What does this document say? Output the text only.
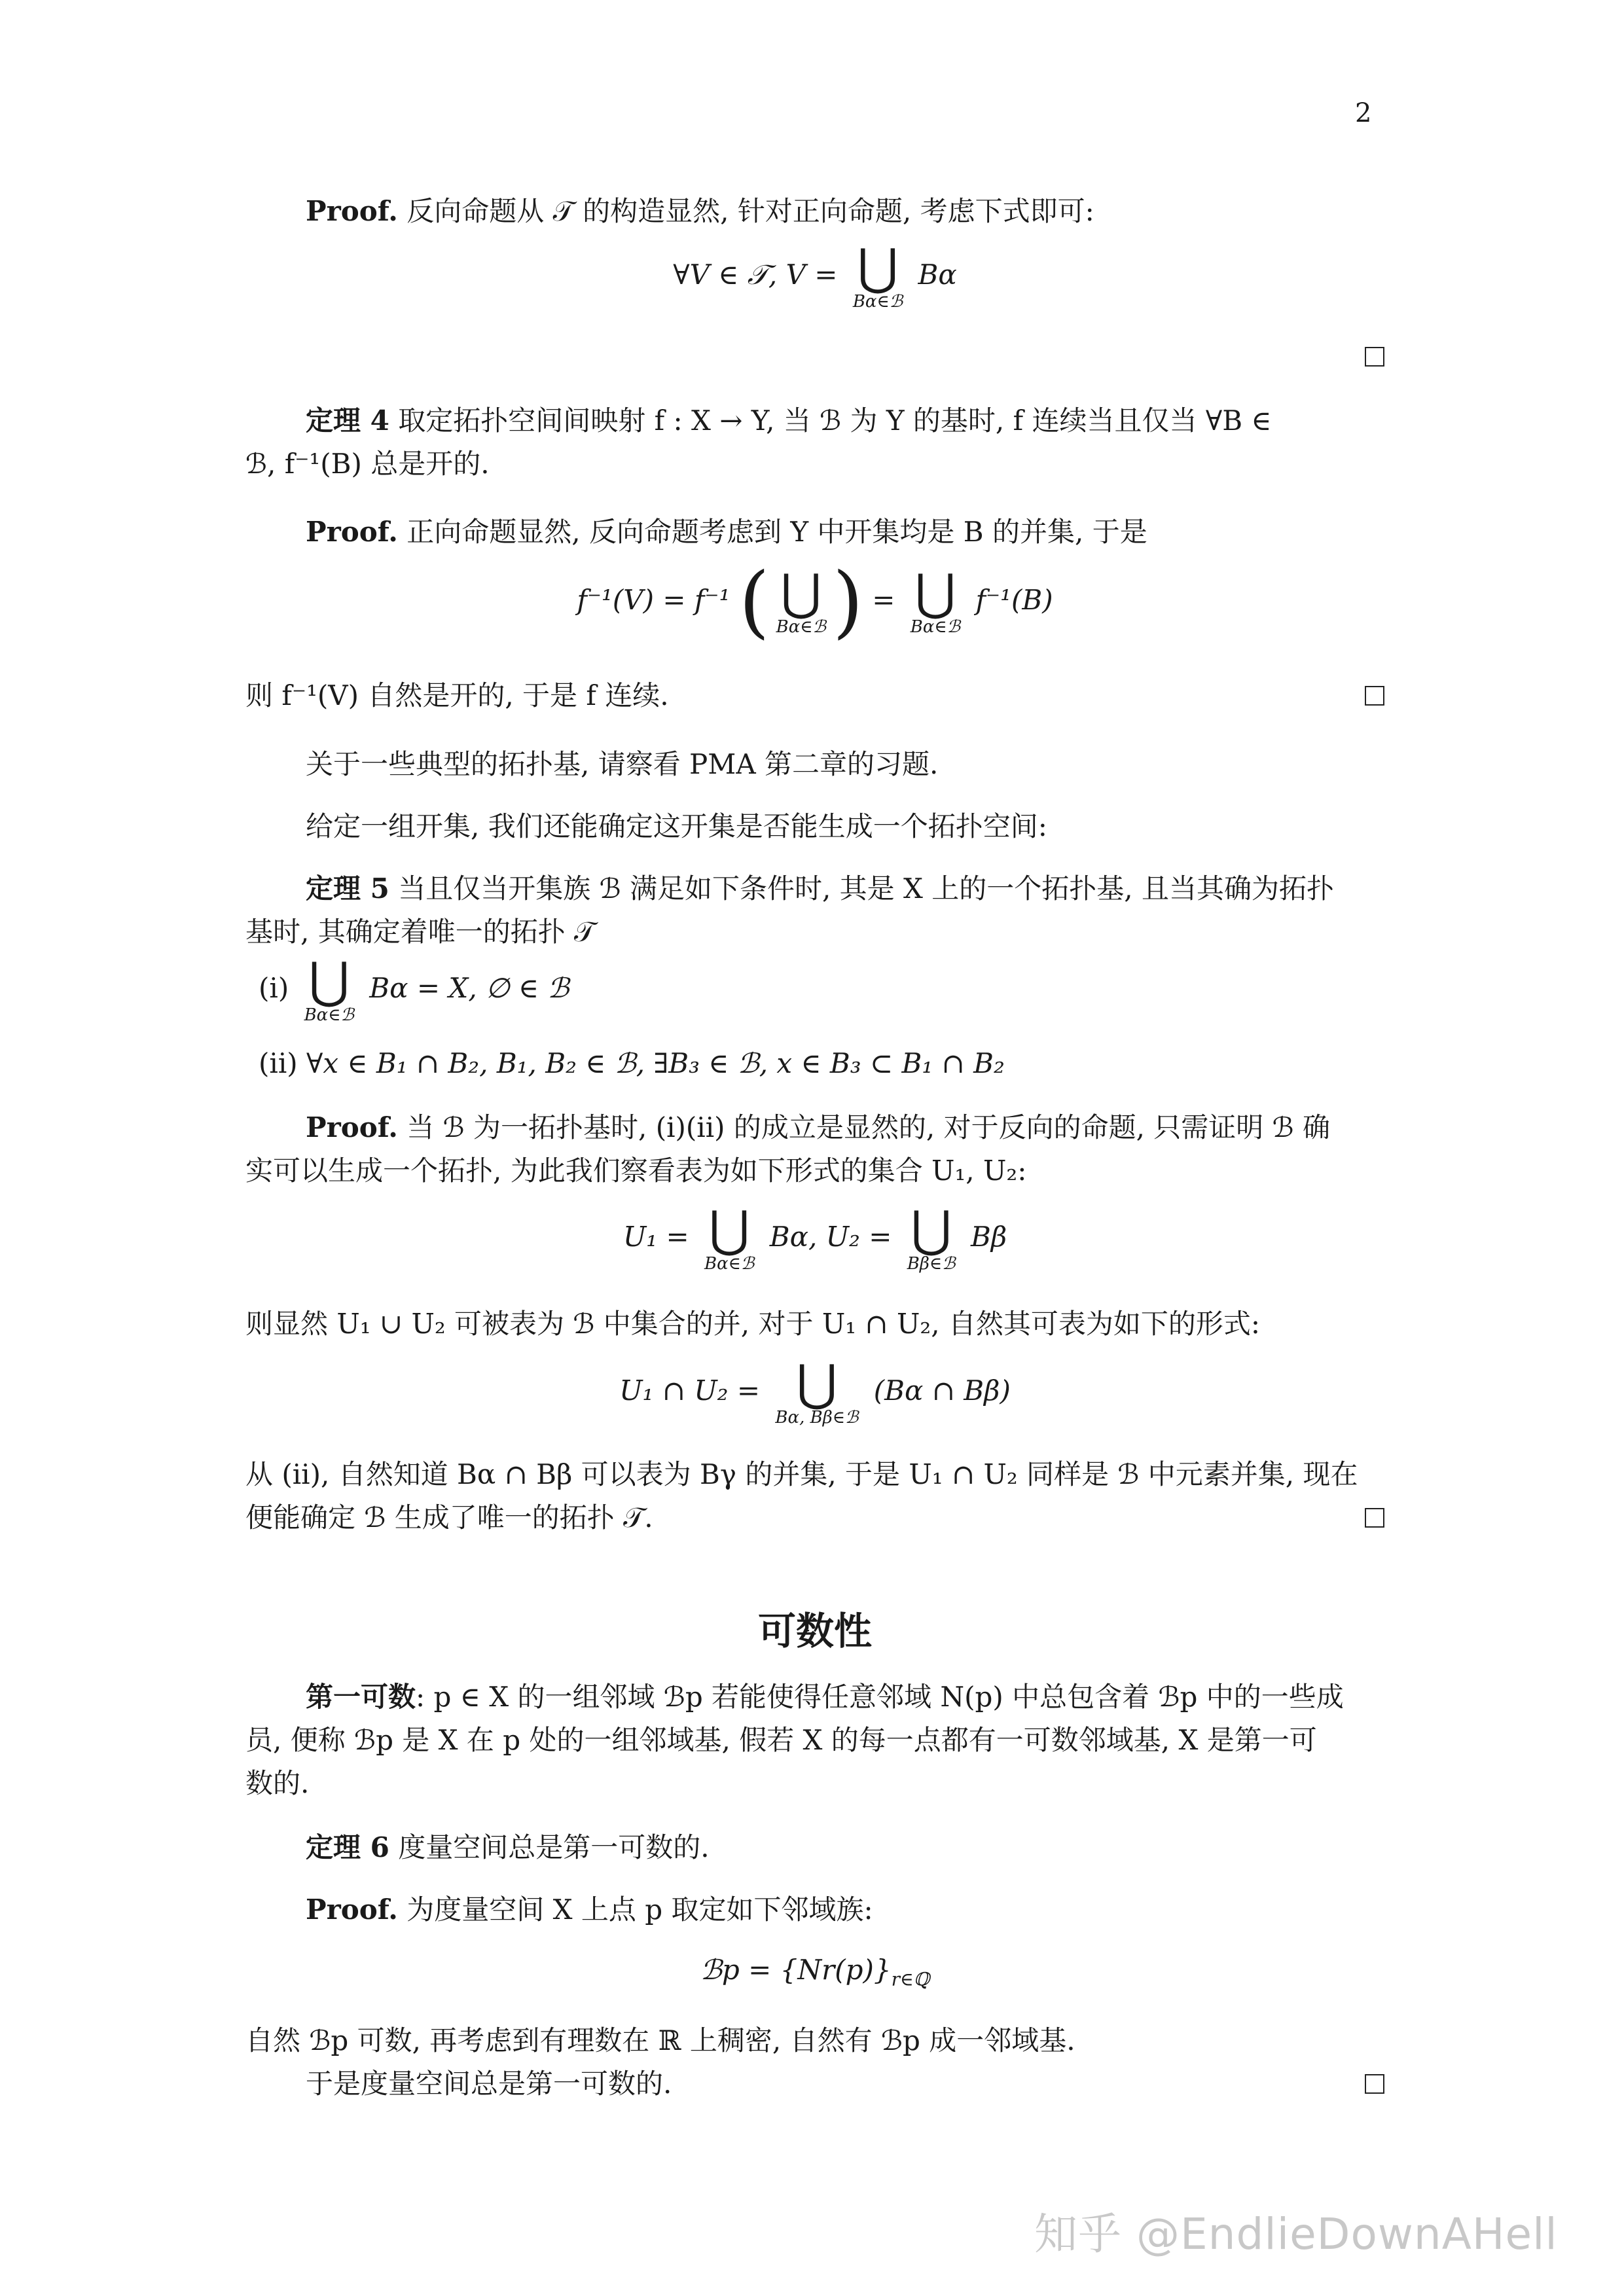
2
Proof. 反向命题从 𝒯 的构造显然, 针对正向命题, 考虑下式即可:
∀V ∈ 𝒯, V = ⋃
Bα∈ℬ
Bα
定理 4 取定拓扑空间间映射 f : X → Y, 当 ℬ 为 Y 的基时, f 连续当且仅当 ∀B ∈
ℬ, f⁻¹(B) 总是开的.
Proof. 正向命题显然, 反向命题考虑到 Y 中开集均是 B 的并集, 于是
f⁻¹(V) = f⁻¹ ( ⋃
Bα∈ℬ ) = ⋃
Bα∈ℬ
f⁻¹(B)
则 f⁻¹(V) 自然是开的, 于是 f 连续.
关于一些典型的拓扑基, 请察看 PMA 第二章的习题.
给定一组开集, 我们还能确定这开集是否能生成一个拓扑空间:
定理 5 当且仅当开集族 ℬ 满足如下条件时, 其是 X 上的一个拓扑基, 且当其确为拓扑
基时, 其确定着唯一的拓扑 𝒯
(i) ⋃
Bα∈ℬ
Bα = X, ∅ ∈ ℬ
(ii) ∀x ∈ B₁ ∩ B₂, B₁, B₂ ∈ ℬ, ∃B₃ ∈ ℬ, x ∈ B₃ ⊂ B₁ ∩ B₂
Proof. 当 ℬ 为一拓扑基时, (i)(ii) 的成立是显然的, 对于反向的命题, 只需证明 ℬ 确
实可以生成一个拓扑, 为此我们察看表为如下形式的集合 U₁, U₂:
U₁ = ⋃
Bα∈ℬ
Bα, U₂ = ⋃
Bβ∈ℬ
Bβ
则显然 U₁ ∪ U₂ 可被表为 ℬ 中集合的并, 对于 U₁ ∩ U₂, 自然其可表为如下的形式:
U₁ ∩ U₂ = ⋃
Bα, Bβ∈ℬ
(Bα ∩ Bβ)
从 (ii), 自然知道 Bα ∩ Bβ 可以表为 Bγ 的并集, 于是 U₁ ∩ U₂ 同样是 ℬ 中元素并集, 现在
便能确定 ℬ 生成了唯一的拓扑 𝒯.
可数性
第一可数: p ∈ X 的一组邻域 ℬp 若能使得任意邻域 N(p) 中总包含着 ℬp 中的一些成
员, 便称 ℬp 是 X 在 p 处的一组邻域基, 假若 X 的每一点都有一可数邻域基, X 是第一可
数的.
定理 6 度量空间总是第一可数的.
Proof. 为度量空间 X 上点 p 取定如下邻域族:
ℬp = $\{Nr(p)\}_{r\in ℚ}$
自然 ℬp 可数, 再考虑到有理数在 ℝ 上稠密, 自然有 ℬp 成一邻域基.
于是度量空间总是第一可数的.
知乎 @EndlieDownAHell
